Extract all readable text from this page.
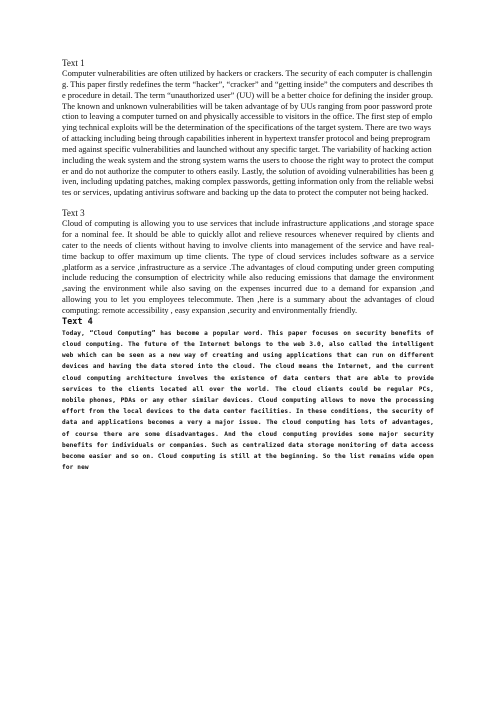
Text 1

Computer vulnerabilities are often utilized by hackers or crackers. The security of each computer is challenging. This paper firstly redefines the term “hacker”, “cracker” and “getting inside” the computers and describes the procedure in detail. The term “unauthorized user” (UU) will be a better choice for defining the insider group. The known and unknown vulnerabilities will be taken advantage of by UUs ranging from poor password protection to leaving a computer turned on and physically accessible to visitors in the office. The first step of employing technical exploits will be the determination of the specifications of the target system. There are two ways of attacking including being through capabilities inherent in hypertext transfer protocol and being preprogrammed against specific vulnerabilities and launched without any specific target. The variability of hacking action including the weak system and the strong system warns the users to choose the right way to protect the computer and do not authorize the computer to others easily. Lastly, the solution of avoiding vulnerabilities has been given, including updating patches, making complex passwords, getting information only from the reliable websites or services, updating antivirus software and backing up the data to protect the computer not being hacked.

Text 3

Cloud of computing is allowing you to use services that include infrastructure applications ,and storage space for a nominal fee. It should be able to quickly allot and relieve resources whenever required by clients and cater to the needs of clients without having to involve clients into management of the service and have real- time backup to offer maximum up time clients. The type of cloud services includes software as a service ,platform as a service ,infrastructure as a service .The advantages of cloud computing under green computing include reducing the consumption of electricity while also reducing emissions that damage the environment ,saving the environment while also saving on the expenses incurred due to a demand for expansion ,and allowing you to let you employees telecommute. Then ,here is a summary about the advantages of cloud computing: remote accessibility , easy expansion ,security and environmentally friendly.

Text 4

Today, “Cloud Computing” has become a popular word. This paper focuses on security benefits of cloud computing. The future of the Internet belongs to the web 3.0, also called the intelligent web which can be seen as a new way of creating and using applications that can run on different devices and having the data stored into the cloud. The cloud means the Internet, and the current cloud computing architecture involves the existence of data centers that are able to provide services to the clients located all over the world. The cloud clients could be regular PCs, mobile phones, PDAs or any other similar devices. Cloud computing allows to move the processing effort from the local devices to the data center facilities. In these conditions, the security of data and applications becomes a very a major issue. The cloud computing has lots of advantages, of course there are some disadvantages. And the cloud computing provides some major security benefits for individuals or companies. Such as centralized data storage monitoring of data access become easier and so on. Cloud computing is still at the beginning. So the list remains wide open for new
